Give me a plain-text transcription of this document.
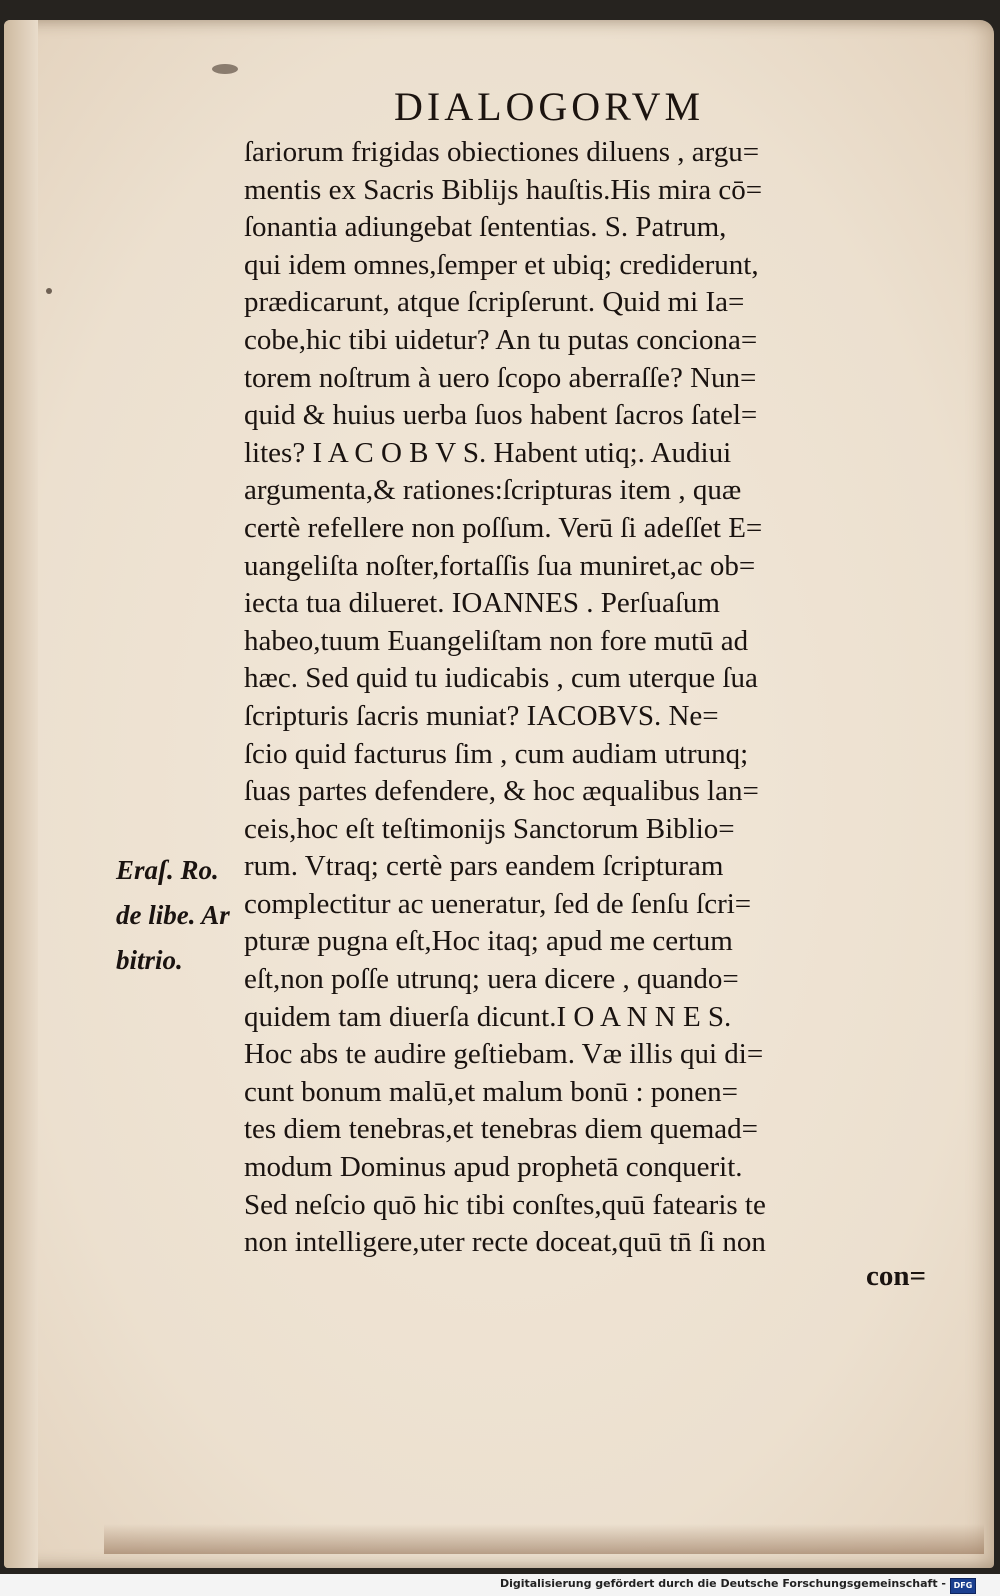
DIALOGORVM
ſariorum frigidas obiectiones diluens , argu=
mentis ex Sacris Biblĳs hauſtis.His mira cō=
ſonantia adiungebat ſententias. S. Patrum,
qui idem omnes,ſemper et ubiq; crediderunt,
prædicarunt, atque ſcripſerunt. Quid mi Ia=
cobe,hic tibi uidetur? An tu putas conciona=
torem noſtrum à uero ſcopo aberraſſe? Nun=
quid & huius uerba ſuos habent ſacros ſatel=
lites? I A C O B V S. Habent utiq;. Audiui
argumenta,& rationes:ſcripturas item , quæ
certè refellere non poſſum. Verū ſi adeſſet E=
uangeliſta noſter,fortaſſis ſua muniret,ac ob=
iecta tua dilueret. IOANNES . Perſuaſum
habeo,tuum Euangeliſtam non fore mutū ad
hæc. Sed quid tu iudicabis , cum uterque ſua
ſcripturis ſacris muniat? IACOBVS. Ne=
ſcio quid facturus ſim , cum audiam utrunq;
ſuas partes defendere, & hoc æqualibus lan=
ceis,hoc eſt teſtimonĳs Sanctorum Biblio=
rum. Vtraq; certè pars eandem ſcripturam
complectitur ac ueneratur, ſed de ſenſu ſcri=
pturæ pugna eſt,Hoc itaq; apud me certum
eſt,non poſſe utrunq; uera dicere , quando=
quidem tam diuerſa dicunt.I O A N N E S.
Hoc abs te audire geſtiebam. Væ illis qui di=
cunt bonum malū,et malum bonū : ponen=
tes diem tenebras,et tenebras diem quemad=
modum Dominus apud prophetā conquerit.
Sed neſcio quō hic tibi conſtes,quū fatearis te
non intelligere,uter recte doceat,quū tn̄ ſi non
con=
Eraſ. Ro.
de libe. Ar
bitrio.
Digitalisierung gefördert durch die Deutsche Forschungsgemeinschaft - DFG
